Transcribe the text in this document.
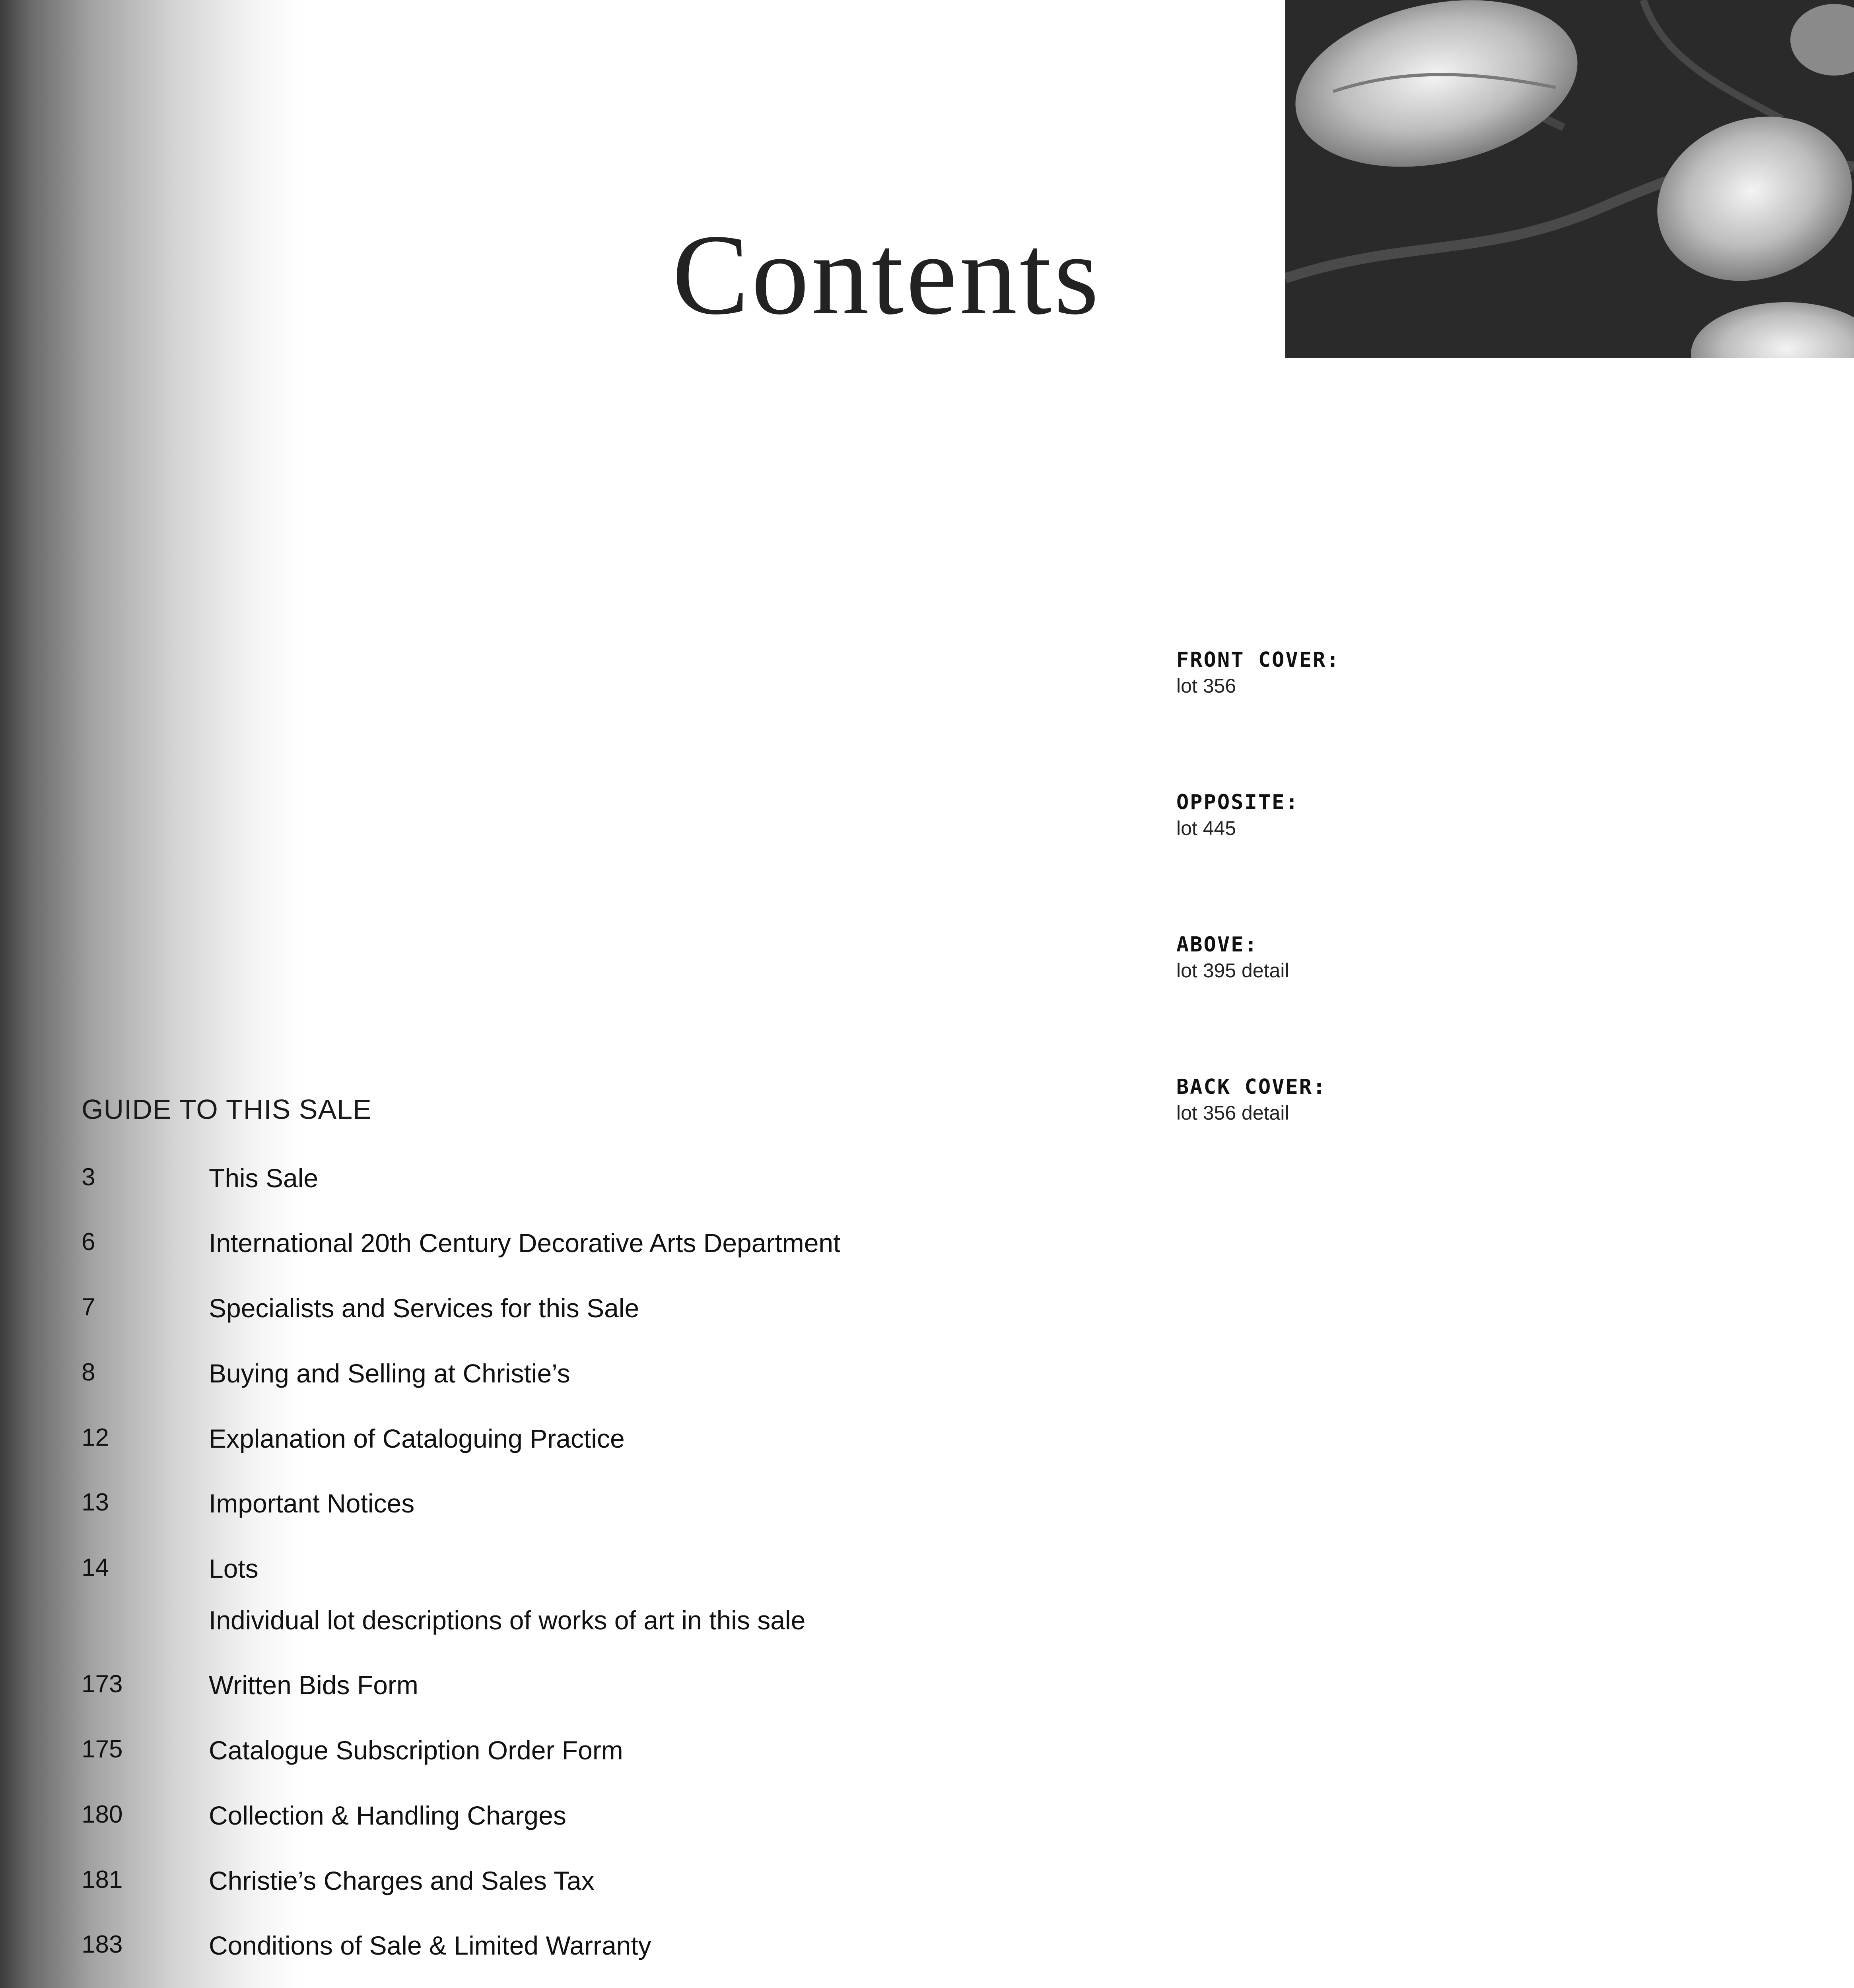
Contents
FRONT COVER:
lot 356
OPPOSITE:
lot 445
ABOVE:
lot 395 detail
BACK COVER:
lot 356 detail
GUIDE TO THIS SALE
3	This Sale
6	International 20th Century Decorative Arts Department
7	Specialists and Services for this Sale
8	Buying and Selling at Christie’s
12	Explanation of Cataloguing Practice
13	Important Notices
14	Lots
Individual lot descriptions of works of art in this sale
173	Written Bids Form
175	Catalogue Subscription Order Form
180	Collection & Handling Charges
181	Christie’s Charges and Sales Tax
183	Conditions of Sale & Limited Warranty
